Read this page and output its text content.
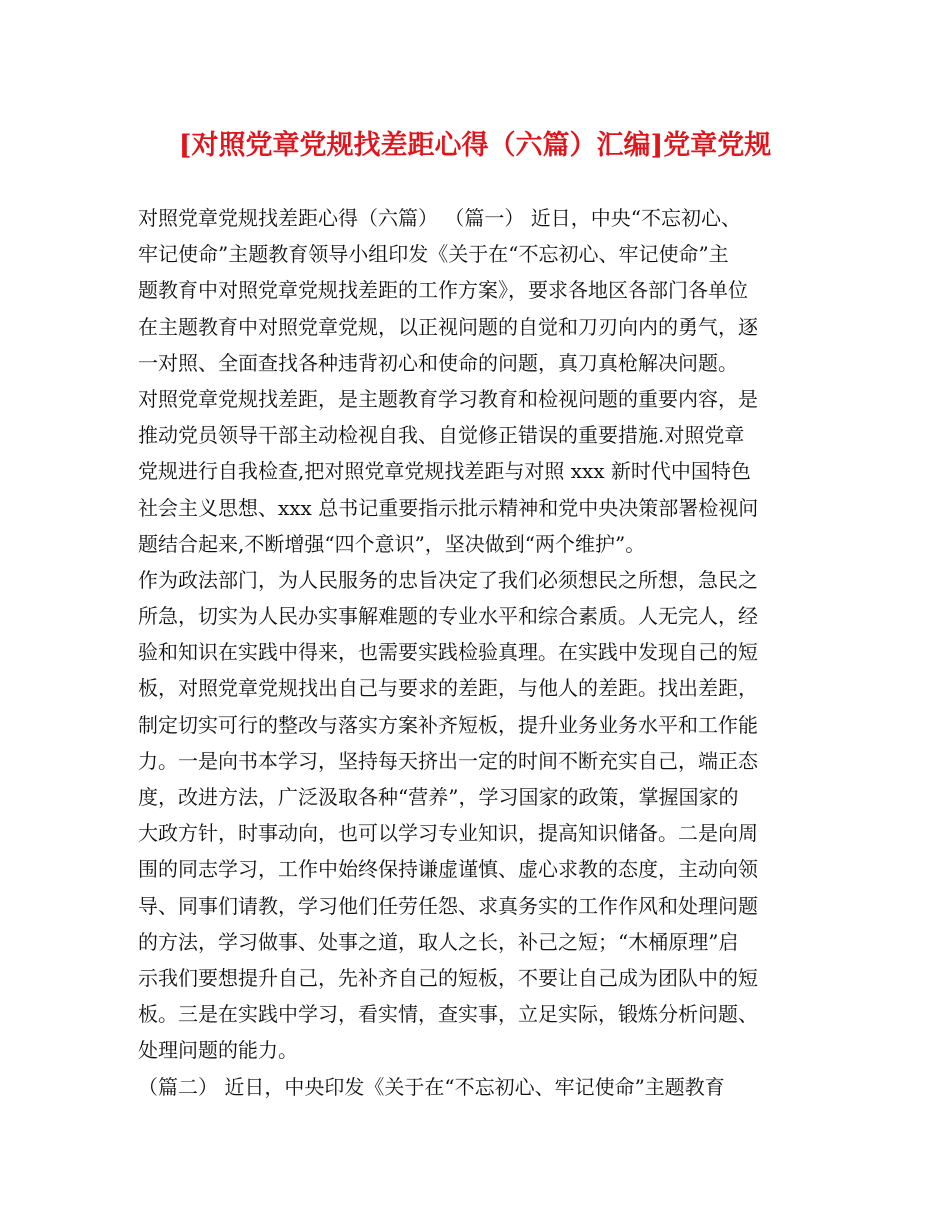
[对照党章党规找差距心得（六篇）汇编]党章党规
对照党章党规找差距心得（六篇） （篇一） 近日，中央“不忘初心、
牢记使命”主题教育领导小组印发《关于在“不忘初心、牢记使命”主
题教育中对照党章党规找差距的工作方案》，要求各地区各部门各单位
在主题教育中对照党章党规，以正视问题的自觉和刀刃向内的勇气，逐
一对照、全面查找各种违背初心和使命的问题，真刀真枪解决问题。
对照党章党规找差距，是主题教育学习教育和检视问题的重要内容，是
推动党员领导干部主动检视自我、自觉修正错误的重要措施.对照党章
党规进行自我检查,把对照党章党规找差距与对照 xxx 新时代中国特色
社会主义思想、xxx 总书记重要指示批示精神和党中央决策部署检视问
题结合起来,不断增强“四个意识”，坚决做到“两个维护”。
作为政法部门，为人民服务的忠旨决定了我们必须想民之所想，急民之
所急，切实为人民办实事解难题的专业水平和综合素质。人无完人，经
验和知识在实践中得来，也需要实践检验真理。在实践中发现自己的短
板，对照党章党规找出自己与要求的差距，与他人的差距。找出差距，
制定切实可行的整改与落实方案补齐短板，提升业务业务水平和工作能
力。一是向书本学习，坚持每天挤出一定的时间不断充实自己，端正态
度，改进方法，广泛汲取各种“营养”，学习国家的政策，掌握国家的
大政方针，时事动向，也可以学习专业知识，提高知识储备。二是向周
围的同志学习，工作中始终保持谦虚谨慎、虚心求教的态度，主动向领
导、同事们请教，学习他们任劳任怨、求真务实的工作作风和处理问题
的方法，学习做事、处事之道，取人之长，补己之短；“木桶原理”启
示我们要想提升自己，先补齐自己的短板，不要让自己成为团队中的短
板。三是在实践中学习，看实情，查实事，立足实际，锻炼分析问题、
处理问题的能力。
（篇二） 近日，中央印发《关于在“不忘初心、牢记使命”主题教育
